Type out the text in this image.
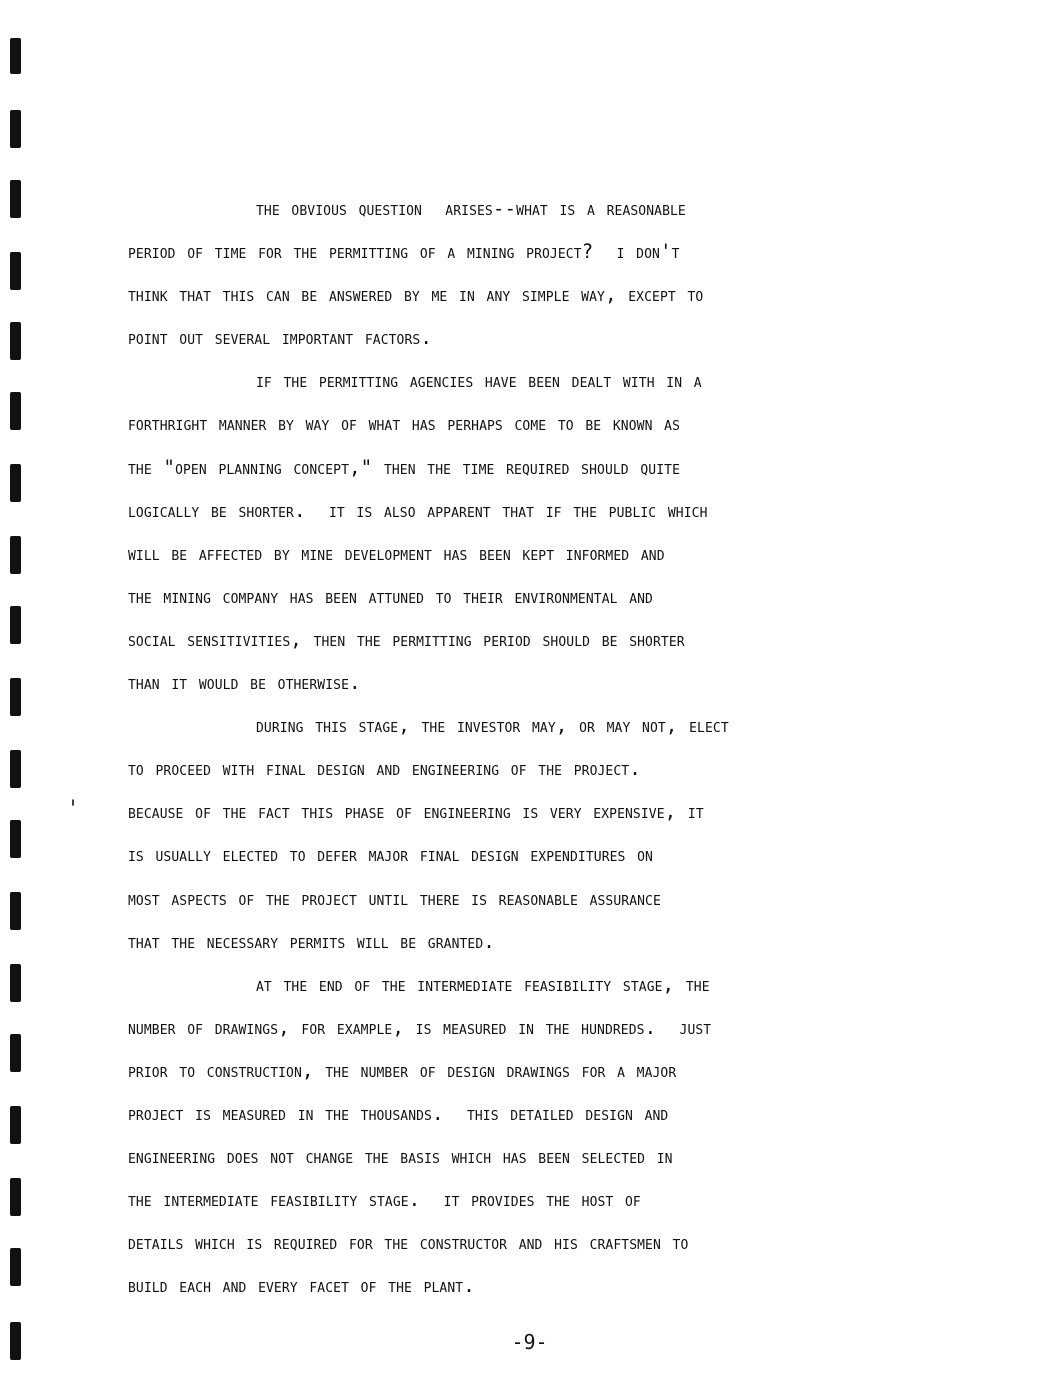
'
the obvious question  arises--what is a reasonable
period of time for the permitting of a mining project?  i don't
think that this can be answered by me in any simple way, except to
point out several important factors.
if the permitting agencies have been dealt with in a
forthright manner by way of what has perhaps come to be known as
the "open planning concept," then the time required should quite
logically be shorter.  it is also apparent that if the public which
will be affected by mine development has been kept informed and
the mining company has been attuned to their environmental and
social sensitivities, then the permitting period should be shorter
than it would be otherwise.
during this stage, the investor may, or may not, elect
to proceed with final design and engineering of the project.
because of the fact this phase of engineering is very expensive, it
is usually elected to defer major final design expenditures on
most aspects of the project until there is reasonable assurance
that the necessary permits will be granted.
at the end of the intermediate feasibility stage, the
number of drawings, for example, is measured in the hundreds.  just
prior to construction, the number of design drawings for a major
project is measured in the thousands.  this detailed design and
engineering does not change the basis which has been selected in
the intermediate feasibility stage.  it provides the host of
details which is required for the constructor and his craftsmen to
build each and every facet of the plant.
-9-
